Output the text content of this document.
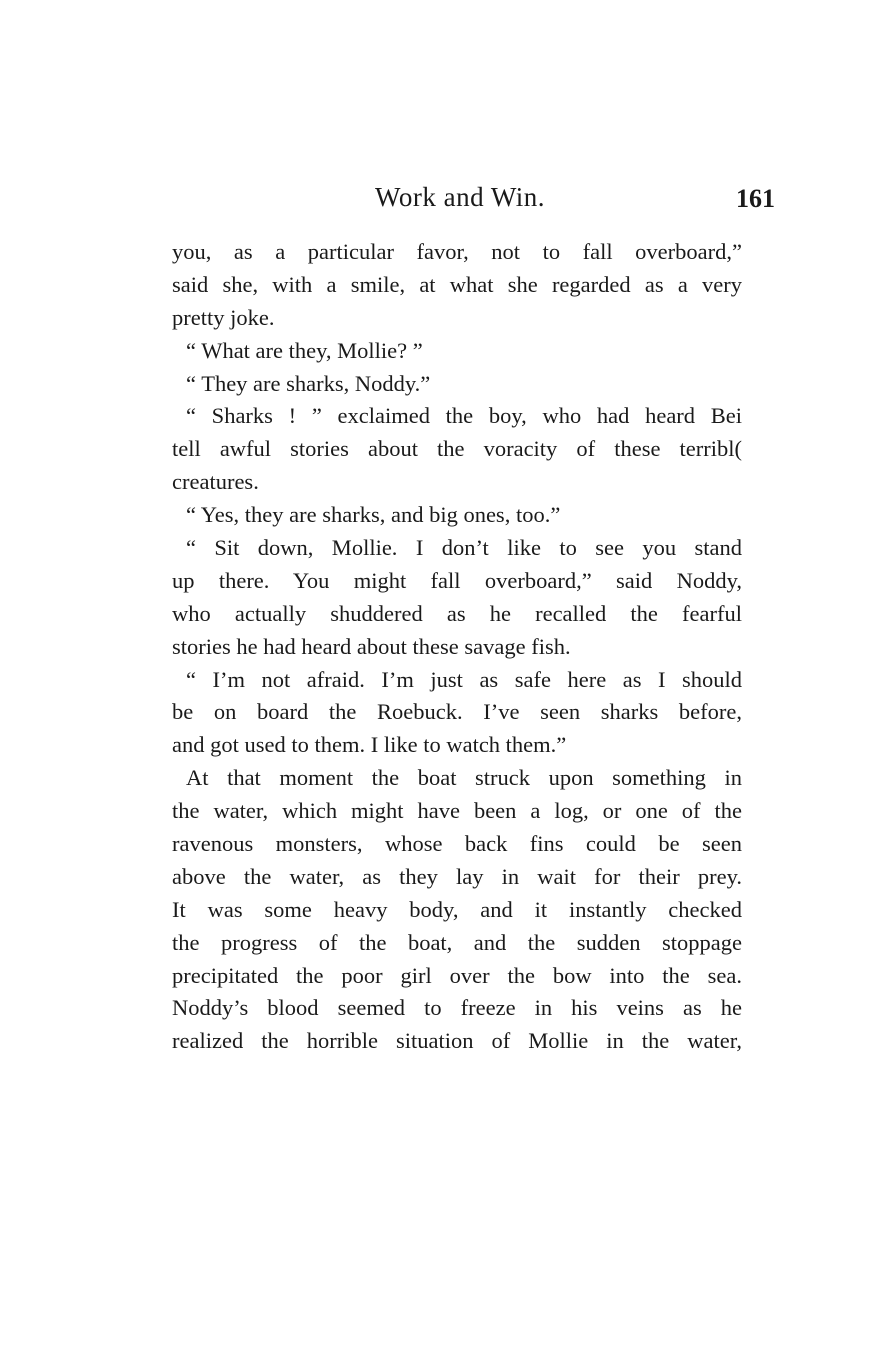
Work and Win.	161
you, as a particular favor, not to fall overboard,”
said she, with a smile, at what she regarded as a very
pretty joke.
“ What are they, Mollie? ”
“ They are sharks, Noddy.”
“ Sharks ! ” exclaimed the boy, who had heard Bei
tell awful stories about the voracity of these terribl(
creatures.
“ Yes, they are sharks, and big ones, too.”
“ Sit down, Mollie. I don’t like to see you stand
up there. You might fall overboard,” said Noddy,
who actually shuddered as he recalled the fearful
stories he had heard about these savage fish.
“ I’m not afraid. I’m just as safe here as I should
be on board the Roebuck. I’ve seen sharks before,
and got used to them. I like to watch them.”
At that moment the boat struck upon something in
the water, which might have been a log, or one of the
ravenous monsters, whose back fins could be seen
above the water, as they lay in wait for their prey.
It was some heavy body, and it instantly checked
the progress of the boat, and the sudden stoppage
precipitated the poor girl over the bow into the sea.
Noddy’s blood seemed to freeze in his veins as he
realized the horrible situation of Mollie in the water,
